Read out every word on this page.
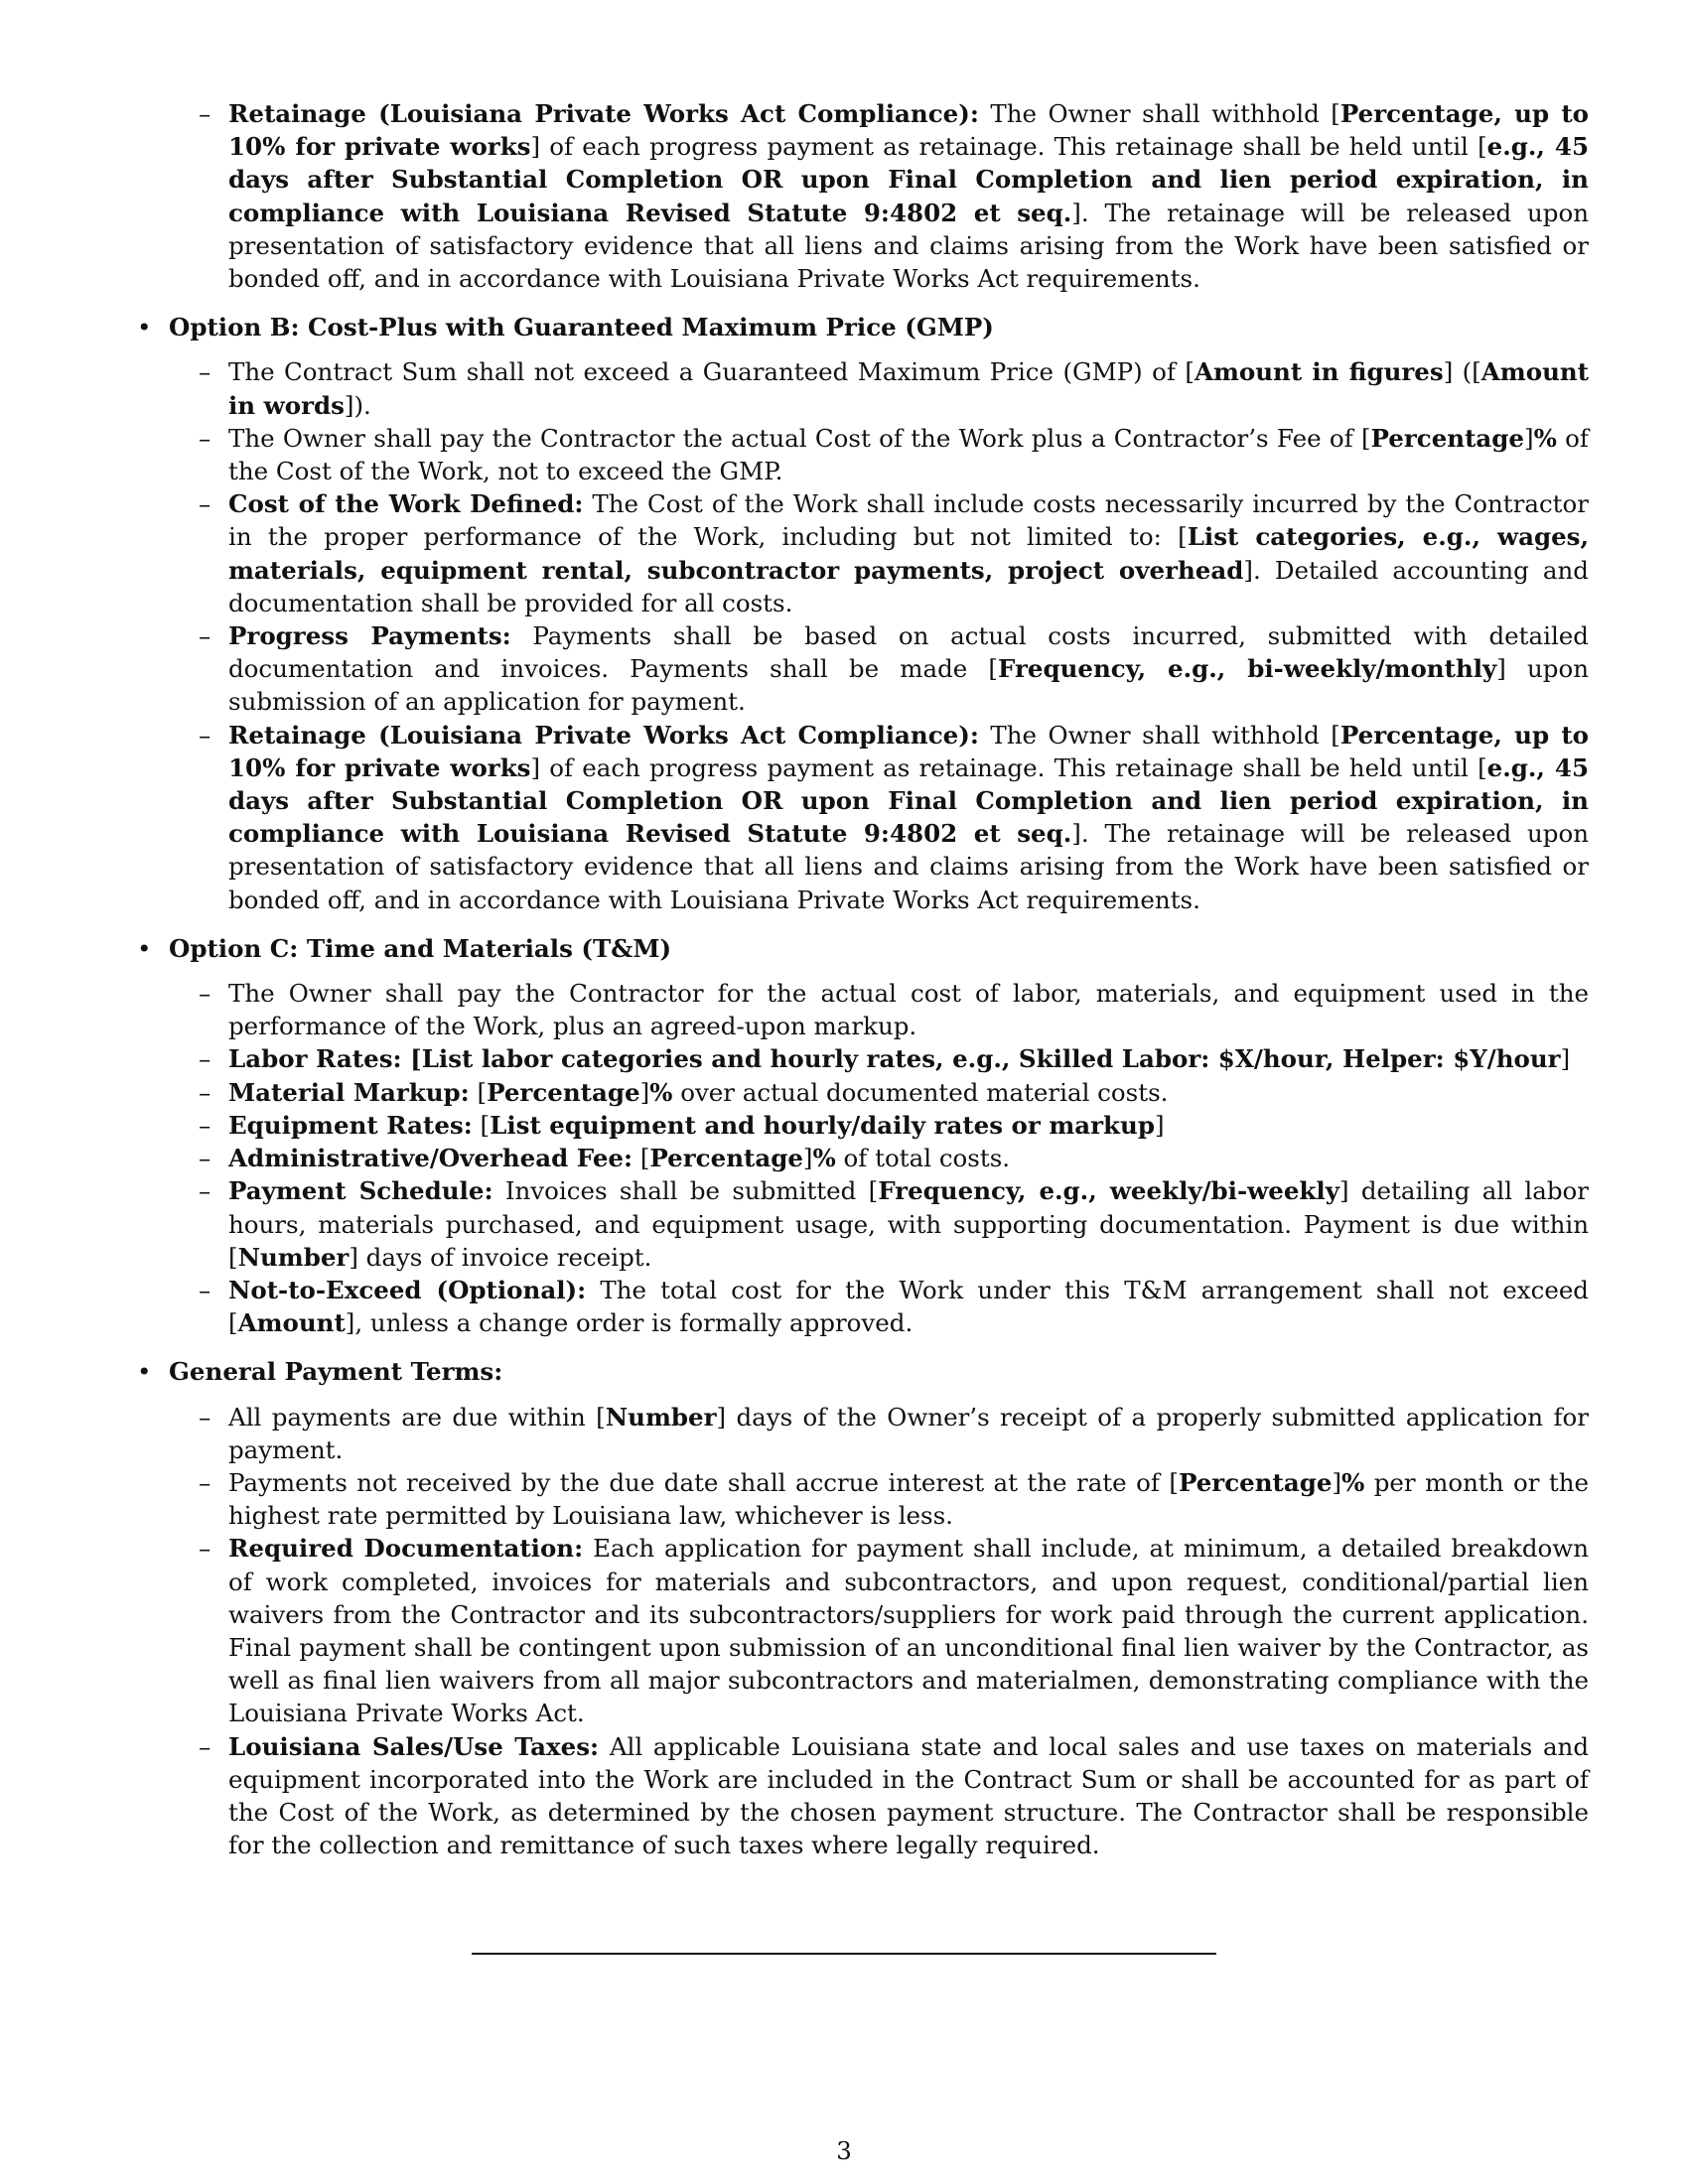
– Retainage (Louisiana Private Works Act Compliance): The Owner shall withhold [Percentage, up to 10% for private works] of each progress payment as retainage. This retainage shall be held until [e.g., 45 days after Substantial Completion OR upon Final Completion and lien period expiration, in compliance with Louisiana Revised Statute 9:4802 et seq.]. The retainage will be released upon presentation of satisfactory evidence that all liens and claims arising from the Work have been satisfied or bonded off, and in accordance with Louisiana Private Works Act requirements.
• Option B: Cost-Plus with Guaranteed Maximum Price (GMP)
– The Contract Sum shall not exceed a Guaranteed Maximum Price (GMP) of [Amount in figures] ([Amount in words]).
– The Owner shall pay the Contractor the actual Cost of the Work plus a Contractor’s Fee of [Percentage]% of the Cost of the Work, not to exceed the GMP.
– Cost of the Work Defined: The Cost of the Work shall include costs necessarily incurred by the Contractor in the proper performance of the Work, including but not limited to: [List categories, e.g., wages, materials, equipment rental, subcontractor payments, project overhead]. Detailed accounting and documentation shall be provided for all costs.
– Progress Payments: Payments shall be based on actual costs incurred, submitted with detailed documentation and invoices. Payments shall be made [Frequency, e.g., bi-weekly/monthly] upon submission of an application for payment.
– Retainage (Louisiana Private Works Act Compliance): The Owner shall withhold [Percentage, up to 10% for private works] of each progress payment as retainage. This retainage shall be held until [e.g., 45 days after Substantial Completion OR upon Final Completion and lien period expiration, in compliance with Louisiana Revised Statute 9:4802 et seq.]. The retainage will be released upon presentation of satisfactory evidence that all liens and claims arising from the Work have been satisfied or bonded off, and in accordance with Louisiana Private Works Act requirements.
• Option C: Time and Materials (T&M)
– The Owner shall pay the Contractor for the actual cost of labor, materials, and equipment used in the performance of the Work, plus an agreed-upon markup.
– Labor Rates: [List labor categories and hourly rates, e.g., Skilled Labor: $X/hour, Helper: $Y/hour]
– Material Markup: [Percentage]% over actual documented material costs.
– Equipment Rates: [List equipment and hourly/daily rates or markup]
– Administrative/Overhead Fee: [Percentage]% of total costs.
– Payment Schedule: Invoices shall be submitted [Frequency, e.g., weekly/bi-weekly] detailing all labor hours, materials purchased, and equipment usage, with supporting documentation. Payment is due within [Number] days of invoice receipt.
– Not-to-Exceed (Optional): The total cost for the Work under this T&M arrangement shall not exceed [Amount], unless a change order is formally approved.
• General Payment Terms:
– All payments are due within [Number] days of the Owner’s receipt of a properly submitted application for payment.
– Payments not received by the due date shall accrue interest at the rate of [Percentage]% per month or the highest rate permitted by Louisiana law, whichever is less.
– Required Documentation: Each application for payment shall include, at minimum, a detailed breakdown of work completed, invoices for materials and subcontractors, and upon request, conditional/partial lien waivers from the Contractor and its subcontractors/suppliers for work paid through the current application. Final payment shall be contingent upon submission of an unconditional final lien waiver by the Contractor, as well as final lien waivers from all major subcontractors and materialmen, demonstrating compliance with the Louisiana Private Works Act.
– Louisiana Sales/Use Taxes: All applicable Louisiana state and local sales and use taxes on materials and equipment incorporated into the Work are included in the Contract Sum or shall be accounted for as part of the Cost of the Work, as determined by the chosen payment structure. The Contractor shall be responsible for the collection and remittance of such taxes where legally required.
3
